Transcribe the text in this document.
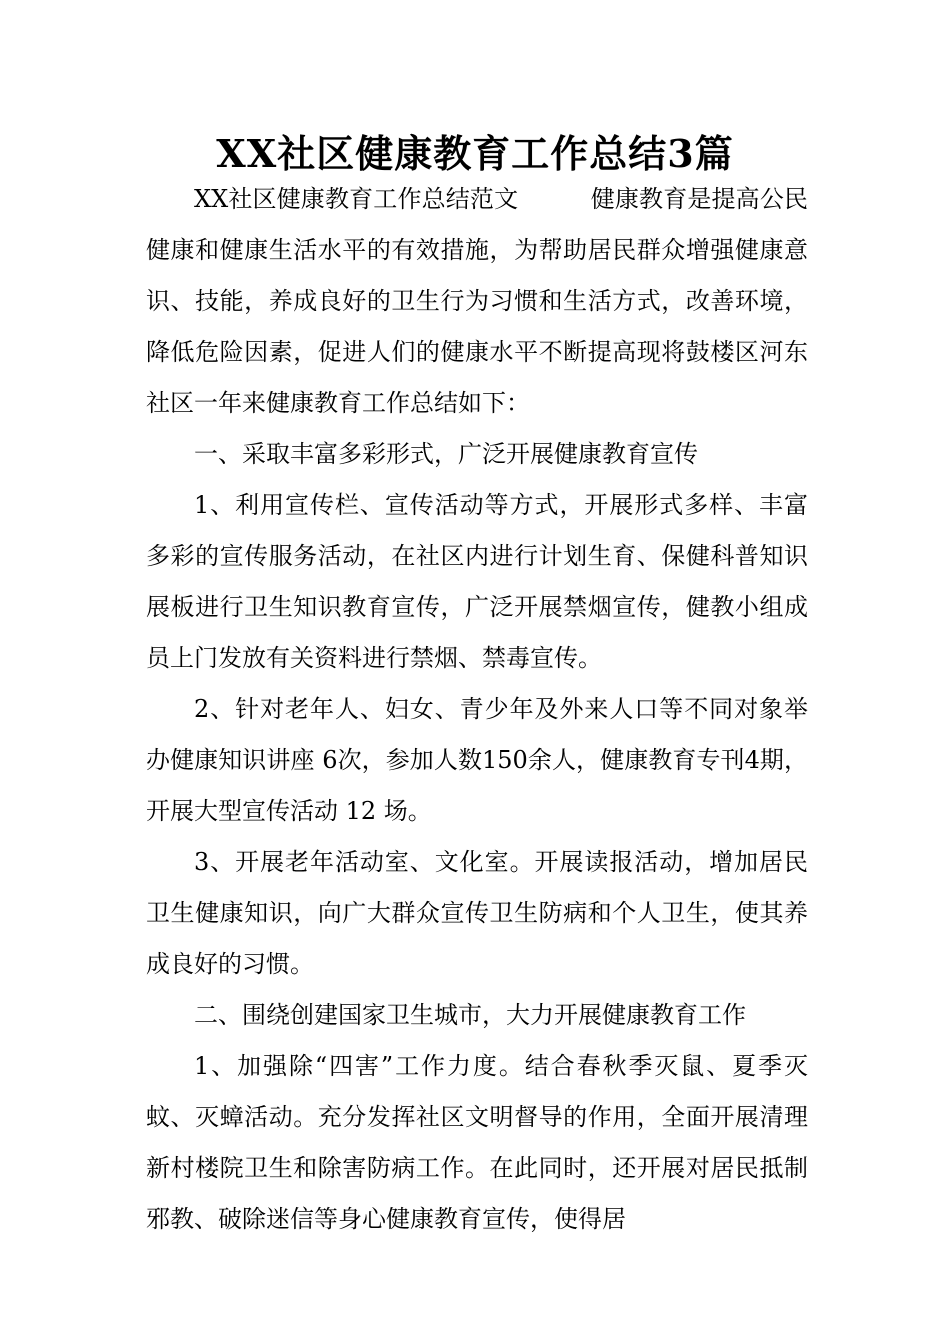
XX社区健康教育工作总结3篇

XX社区健康教育工作总结范文　　　健康教育是提高公民健康和健康生活水平的有效措施，为帮助居民群众增强健康意识、技能，养成良好的卫生行为习惯和生活方式，改善环境，降低危险因素，促进人们的健康水平不断提高现将鼓楼区河东社区一年来健康教育工作总结如下：

一、采取丰富多彩形式，广泛开展健康教育宣传

1、利用宣传栏、宣传活动等方式，开展形式多样、丰富多彩的宣传服务活动，在社区内进行计划生育、保健科普知识展板进行卫生知识教育宣传，广泛开展禁烟宣传，健教小组成员上门发放有关资料进行禁烟、禁毒宣传。

2、针对老年人、妇女、青少年及外来人口等不同对象举办健康知识讲座 6次，参加人数150余人，健康教育专刊4期，开展大型宣传活动 12 场。

3、开展老年活动室、文化室。开展读报活动，增加居民卫生健康知识，向广大群众宣传卫生防病和个人卫生，使其养成良好的习惯。

二、围绕创建国家卫生城市，大力开展健康教育工作

1、加强除“四害”工作力度。结合春秋季灭鼠、夏季灭蚊、灭蟑活动。充分发挥社区文明督导的作用，全面开展清理新村楼院卫生和除害防病工作。在此同时，还开展对居民抵制邪教、破除迷信等身心健康教育宣传，使得居
